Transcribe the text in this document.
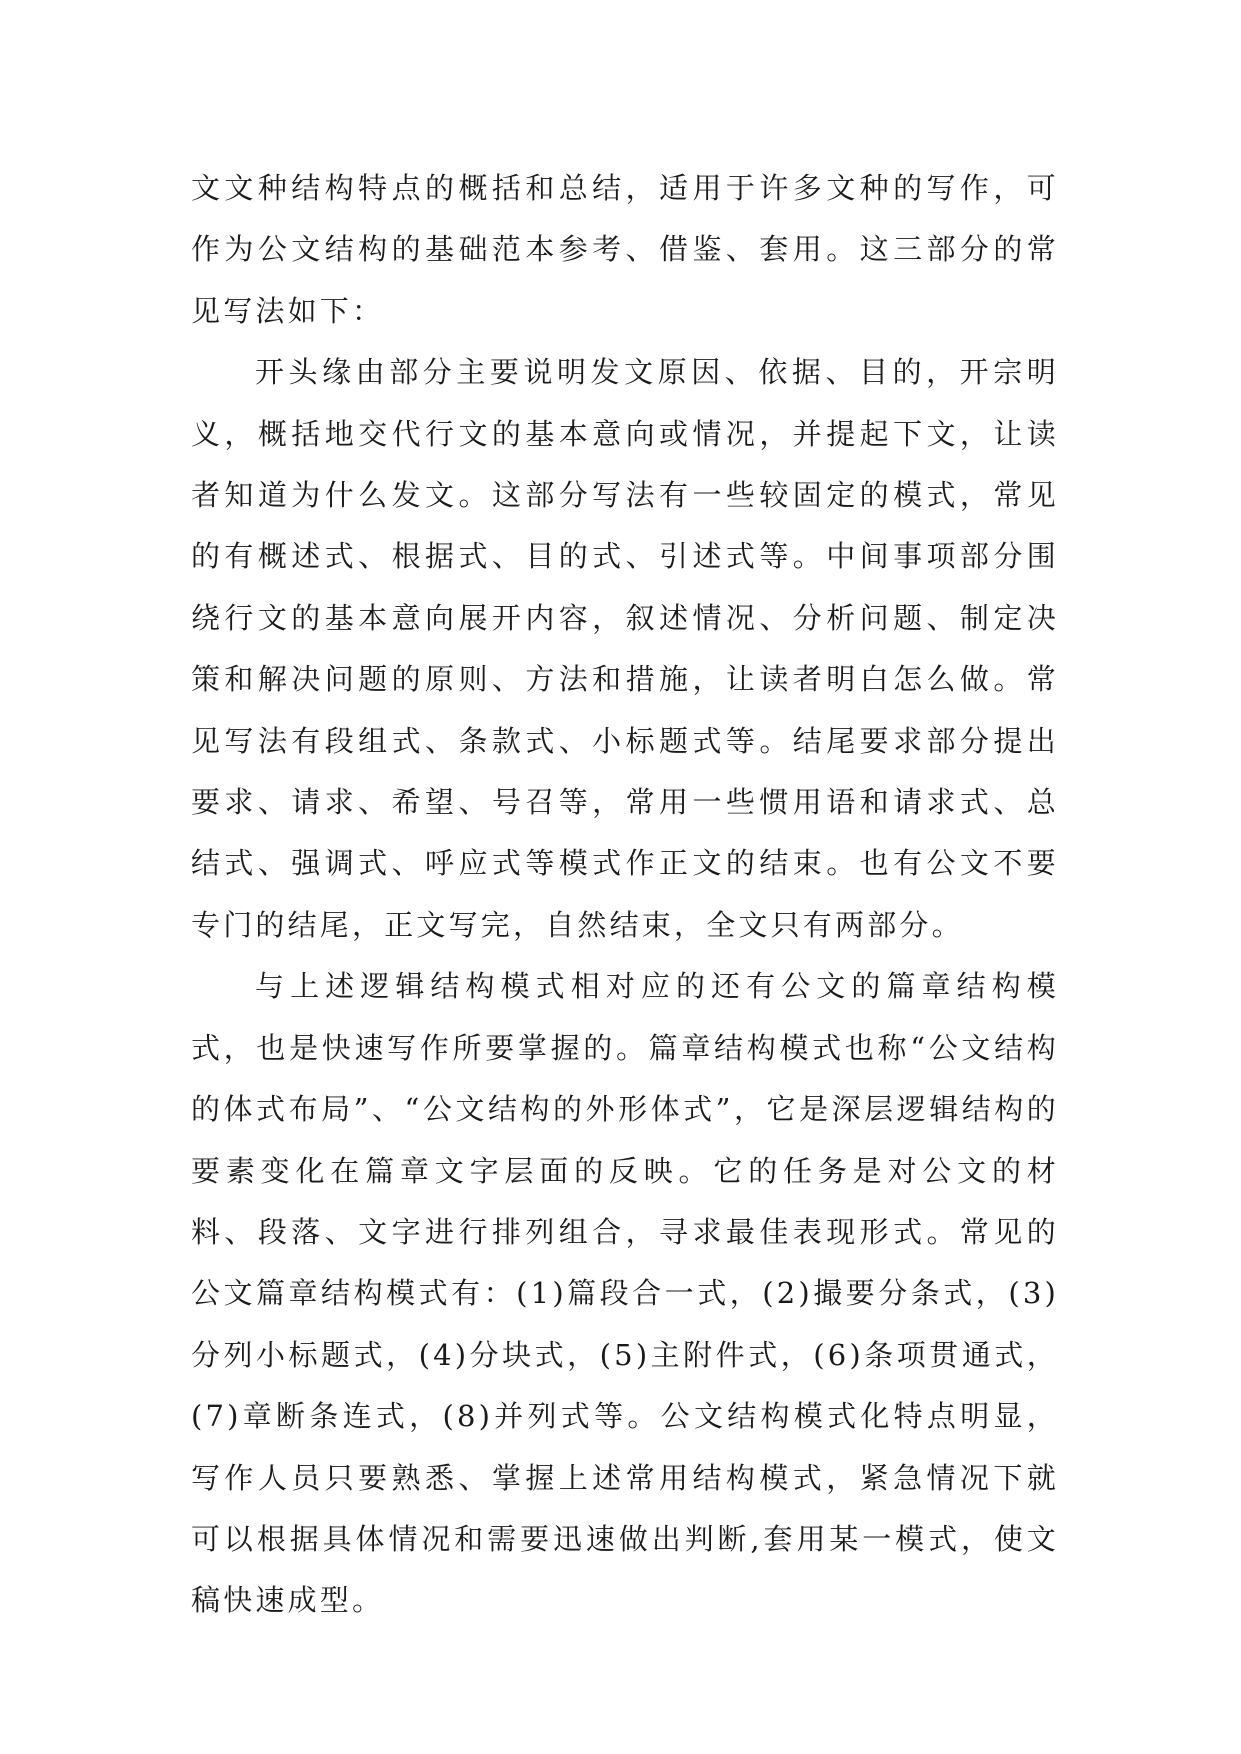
文文种结构特点的概括和总结，适用于许多文种的写作，可作为公文结构的基础范本参考、借鉴、套用。这三部分的常见写法如下：

开头缘由部分主要说明发文原因、依据、目的，开宗明义，概括地交代行文的基本意向或情况，并提起下文，让读者知道为什么发文。这部分写法有一些较固定的模式，常见的有概述式、根据式、目的式、引述式等。中间事项部分围绕行文的基本意向展开内容，叙述情况、分析问题、制定决策和解决问题的原则、方法和措施，让读者明白怎么做。常见写法有段组式、条款式、小标题式等。结尾要求部分提出要求、请求、希望、号召等，常用一些惯用语和请求式、总结式、强调式、呼应式等模式作正文的结束。也有公文不要专门的结尾，正文写完，自然结束，全文只有两部分。

与上述逻辑结构模式相对应的还有公文的篇章结构模式，也是快速写作所要掌握的。篇章结构模式也称“公文结构的体式布局”、“公文结构的外形体式”，它是深层逻辑结构的要素变化在篇章文字层面的反映。它的任务是对公文的材料、段落、文字进行排列组合，寻求最佳表现形式。常见的公文篇章结构模式有：(1)篇段合一式，(2)撮要分条式，(3)分列小标题式，(4)分块式，(5)主附件式，(6)条项贯通式，(7)章断条连式，(8)并列式等。公文结构模式化特点明显，写作人员只要熟悉、掌握上述常用结构模式，紧急情况下就可以根据具体情况和需要迅速做出判断,套用某一模式，使文稿快速成型。
